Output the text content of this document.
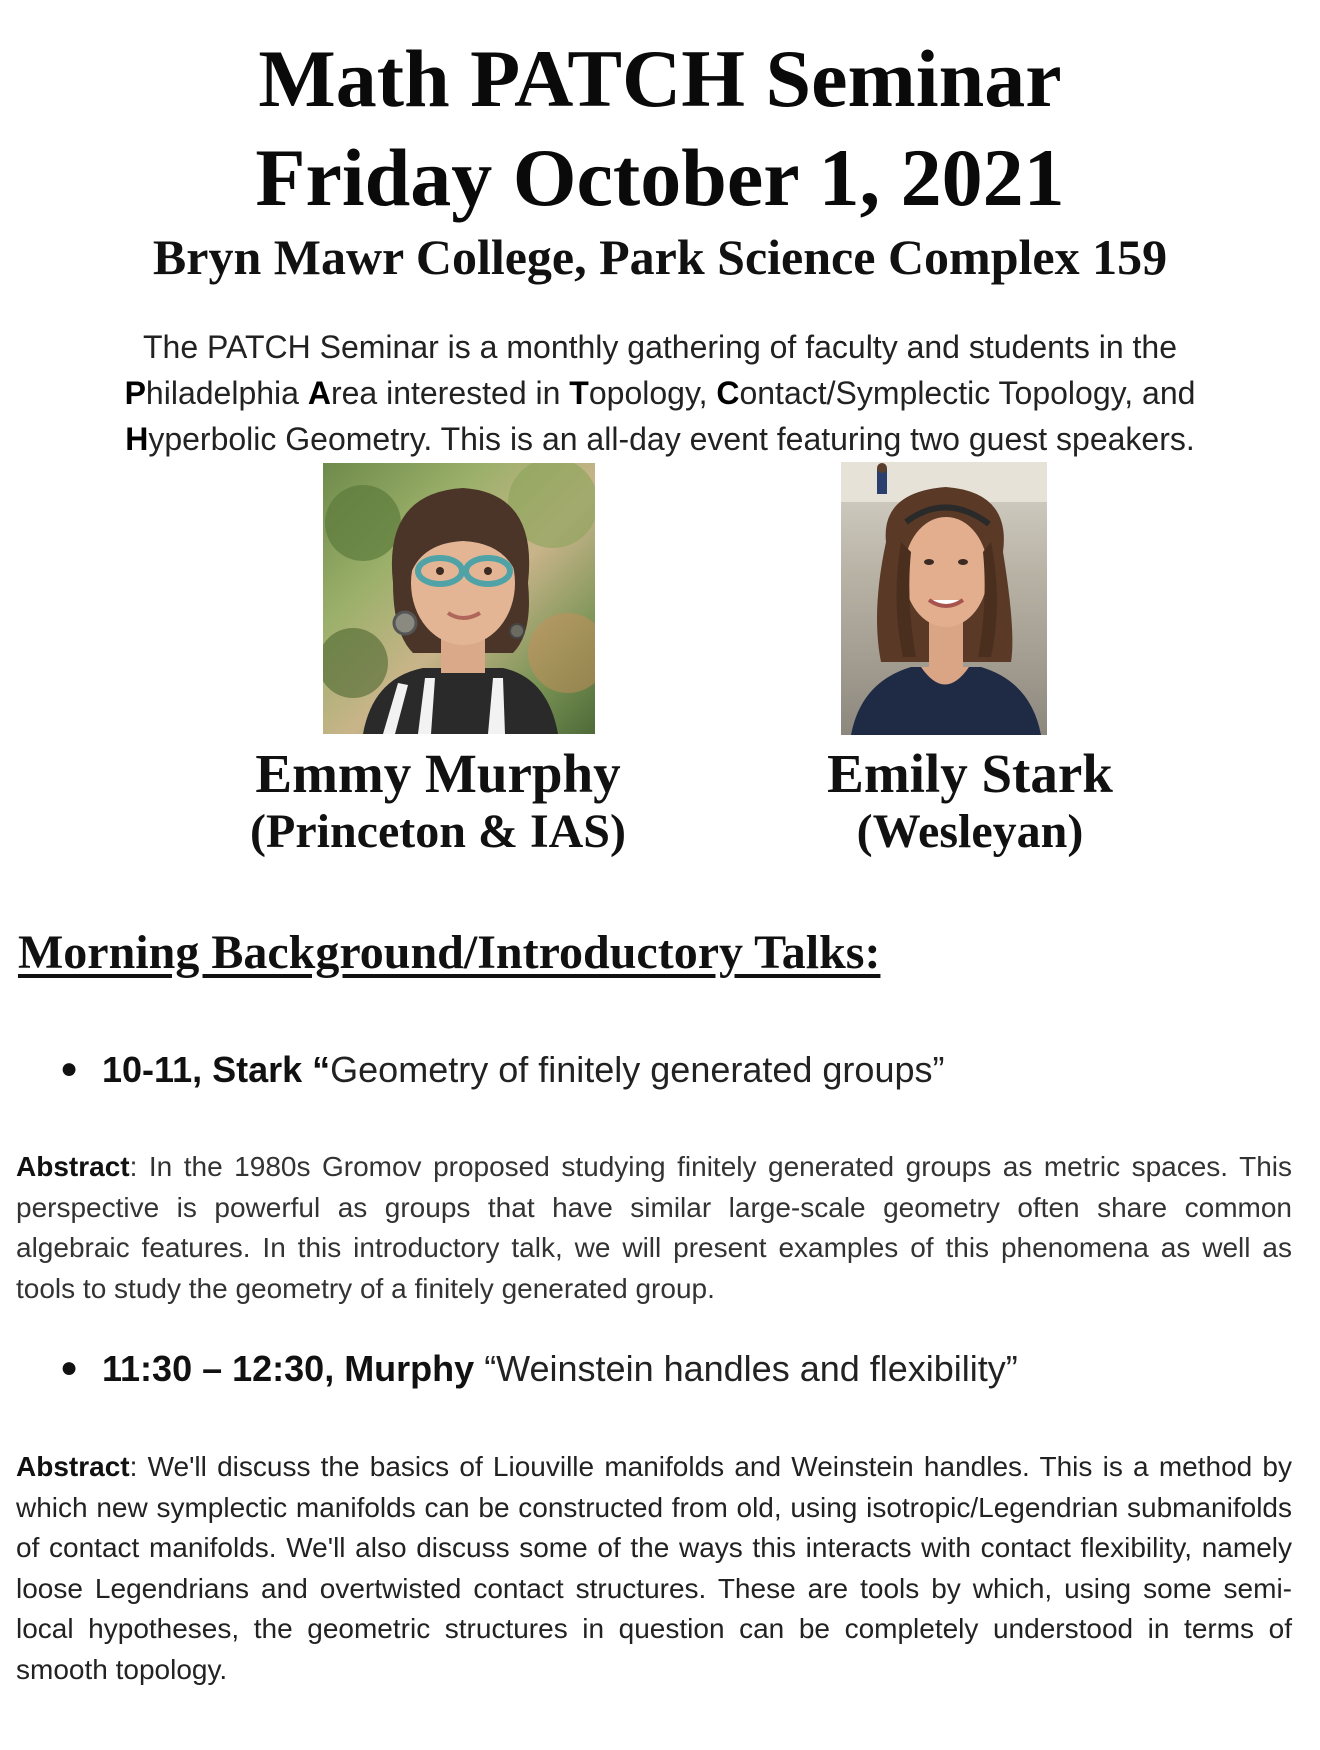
Math PATCH Seminar
Friday October 1, 2021
Bryn Mawr College, Park Science Complex 159
The PATCH Seminar is a monthly gathering of faculty and students in the
Philadelphia Area interested in Topology, Contact/Symplectic Topology, and
Hyperbolic Geometry. This is an all-day event featuring two guest speakers.
Emmy Murphy
(Princeton & IAS)
Emily Stark
(Wesleyan)
Morning Background/Introductory Talks:
● 10-11, Stark “Geometry of finitely generated groups”
Abstract: In the 1980s Gromov proposed studying finitely generated groups as metric spaces. This perspective is powerful as groups that have similar large-scale geometry often share common algebraic features. In this introductory talk, we will present examples of this phenomena as well as tools to study the geometry of a finitely generated group.
● 11:30 – 12:30, Murphy “Weinstein handles and flexibility”
Abstract: We'll discuss the basics of Liouville manifolds and Weinstein handles. This is a method by which new symplectic manifolds can be constructed from old, using isotropic/Legendrian submanifolds of contact manifolds. We'll also discuss some of the ways this interacts with contact flexibility, namely loose Legendrians and overtwisted contact structures. These are tools by which, using some semi-local hypotheses, the geometric structures in question can be completely understood in terms of smooth topology.
